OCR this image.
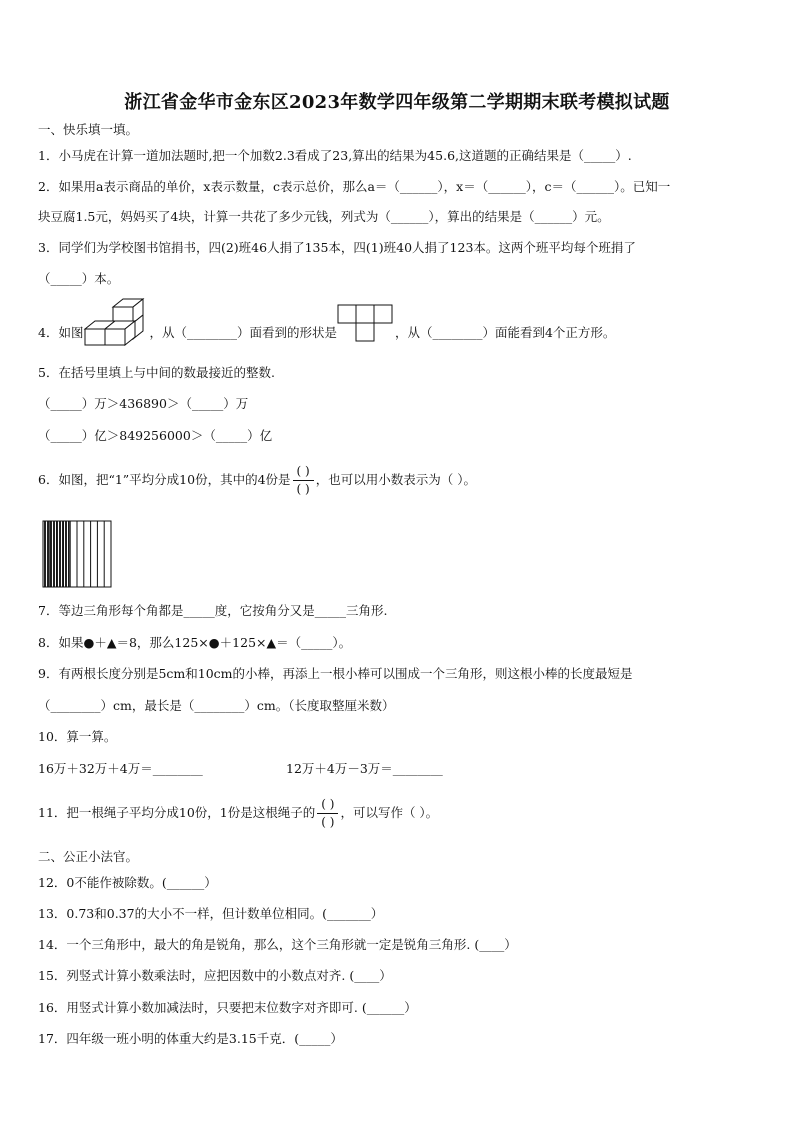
浙江省金华市金东区2023年数学四年级第二学期期末联考模拟试题
一、快乐填一填。
1．小马虎在计算一道加法题时,把一个加数2.3看成了23,算出的结果为45.6,这道题的正确结果是（_____）.
2．如果用a表示商品的单价，x表示数量，c表示总价，那么a＝（______），x＝（______），c＝（______）。已知一
块豆腐1.5元，妈妈买了4块，计算一共花了多少元钱，列式为（______），算出的结果是（______）元。
3．同学们为学校图书馆捐书，四(2)班46人捐了135本，四(1)班40人捐了123本。这两个班平均每个班捐了
（_____）本。
4．如图	，从（________）面看到的形状是	，从（________）面能看到4个正方形。
5．在括号里填上与中间的数最接近的整数.
（_____）万＞436890＞（_____）万
（_____）亿＞849256000＞（_____）亿
6．如图，把“1”平均分成10份，其中的4份是 $\frac{( )}{( )}$ ，也可以用小数表示为（ ）。
7．等边三角形每个角都是_____度，它按角分又是_____三角形.
8．如果●＋▲＝8，那么125×●＋125×▲＝（_____）。
9．有两根长度分别是5cm和10cm的小棒，再添上一根小棒可以围成一个三角形，则这根小棒的长度最短是
（________）cm，最长是（________）cm。（长度取整厘米数）
10．算一算。
16万＋32万＋4万＝________	12万＋4万－3万＝________
11．把一根绳子平均分成10份，1份是这根绳子的 $\frac{( )}{( )}$ ，可以写作（ ）。
二、公正小法官。
12．0不能作被除数。(______）
13．0.73和0.37的大小不一样，但计数单位相同。(_______）
14．一个三角形中，最大的角是锐角，那么，这个三角形就一定是锐角三角形. (____）
15．列竖式计算小数乘法时，应把因数中的小数点对齐. (____）
16．用竖式计算小数加减法时，只要把末位数字对齐即可. (______）
17．四年级一班小明的体重大约是3.15千克．(_____）
